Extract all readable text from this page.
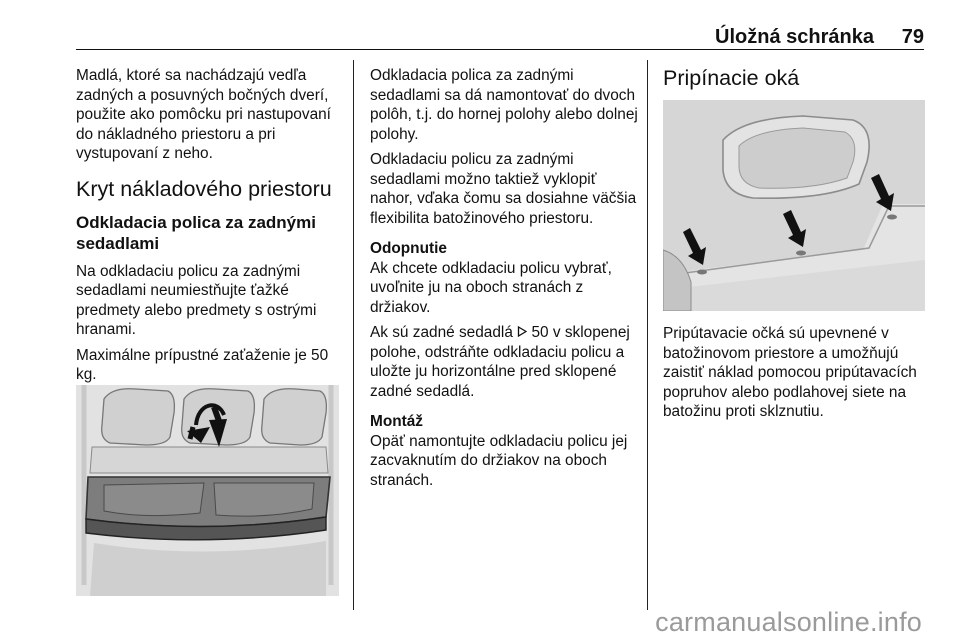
Úložná schránka 79

Madlá, ktoré sa nachádzajú vedľa zadných a posuvných bočných dverí, použite ako pomôcku pri nastupovaní do nákladného priestoru a pri vystupovaní z neho.

Kryt nákladového priestoru

Odkladacia polica za zadnými sedadlami

Na odkladaciu policu za zadnými sedadlami neumiestňujte ťažké predmety alebo predmety s ostrými hranami.

Maximálne prípustné zaťaženie je 50 kg.

Odkladacia polica za zadnými sedadlami sa dá namontovať do dvoch polôh, t.j. do hornej polohy alebo dolnej polohy.

Odkladaciu policu za zadnými sedadlami možno taktiež vyklopiť nahor, vďaka čomu sa dosiahne väčšia flexibilita batožinového priestoru.

Odopnutie

Ak chcete odkladaciu policu vybrať, uvoľnite ju na oboch stranách z držiakov.

Ak sú zadné sedadlá 50 v sklopenej polohe, odstráňte odkladaciu policu a uložte ju horizontálne pred sklopené zadné sedadlá.

Montáž

Opäť namontujte odkladaciu policu jej zacvaknutím do držiakov na oboch stranách.

Pripínacie oká

Pripútavacie očká sú upevnené v batožinovom priestore a umožňujú zaistiť náklad pomocou pripútavacích popruhov alebo podlahovej siete na batožinu proti sklznutiu.

carmanualsonline.info
